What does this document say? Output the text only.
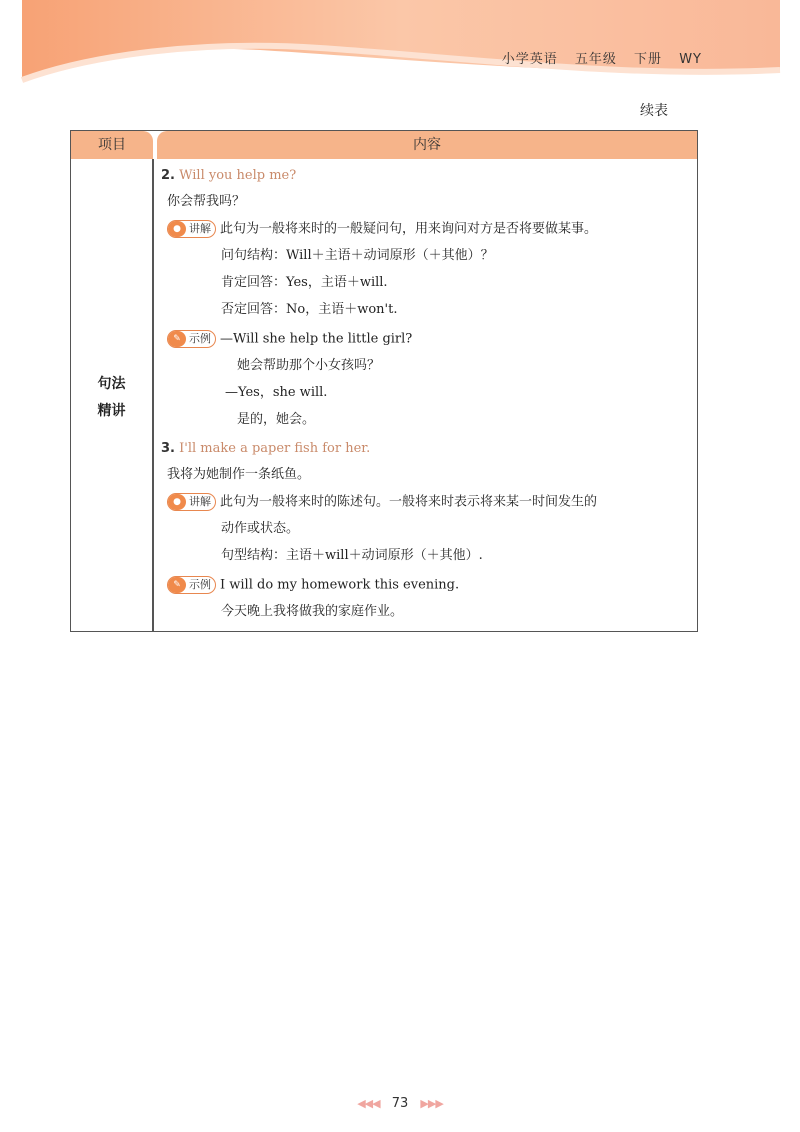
小学英语 五年级 下册 WY
续表
项目	内容
句法
精讲
2. Will you help me?
你会帮我吗？
● 讲解 此句为一般将来时的一般疑问句，用来询问对方是否将要做某事。
问句结构：Will＋主语＋动词原形（＋其他）？
肯定回答：Yes，主语＋will.
否定回答：No，主语＋won't.
✎ 示例 —Will she help the little girl?
她会帮助那个小女孩吗？
—Yes，she will.
是的，她会。
3. I'll make a paper fish for her.
我将为她制作一条纸鱼。
● 讲解 此句为一般将来时的陈述句。一般将来时表示将来某一时间发生的
动作或状态。
句型结构：主语＋will＋动词原形（＋其他）.
✎ 示例 I will do my homework this evening.
今天晚上我将做我的家庭作业。
◀◀◀ 73 ▶▶▶
